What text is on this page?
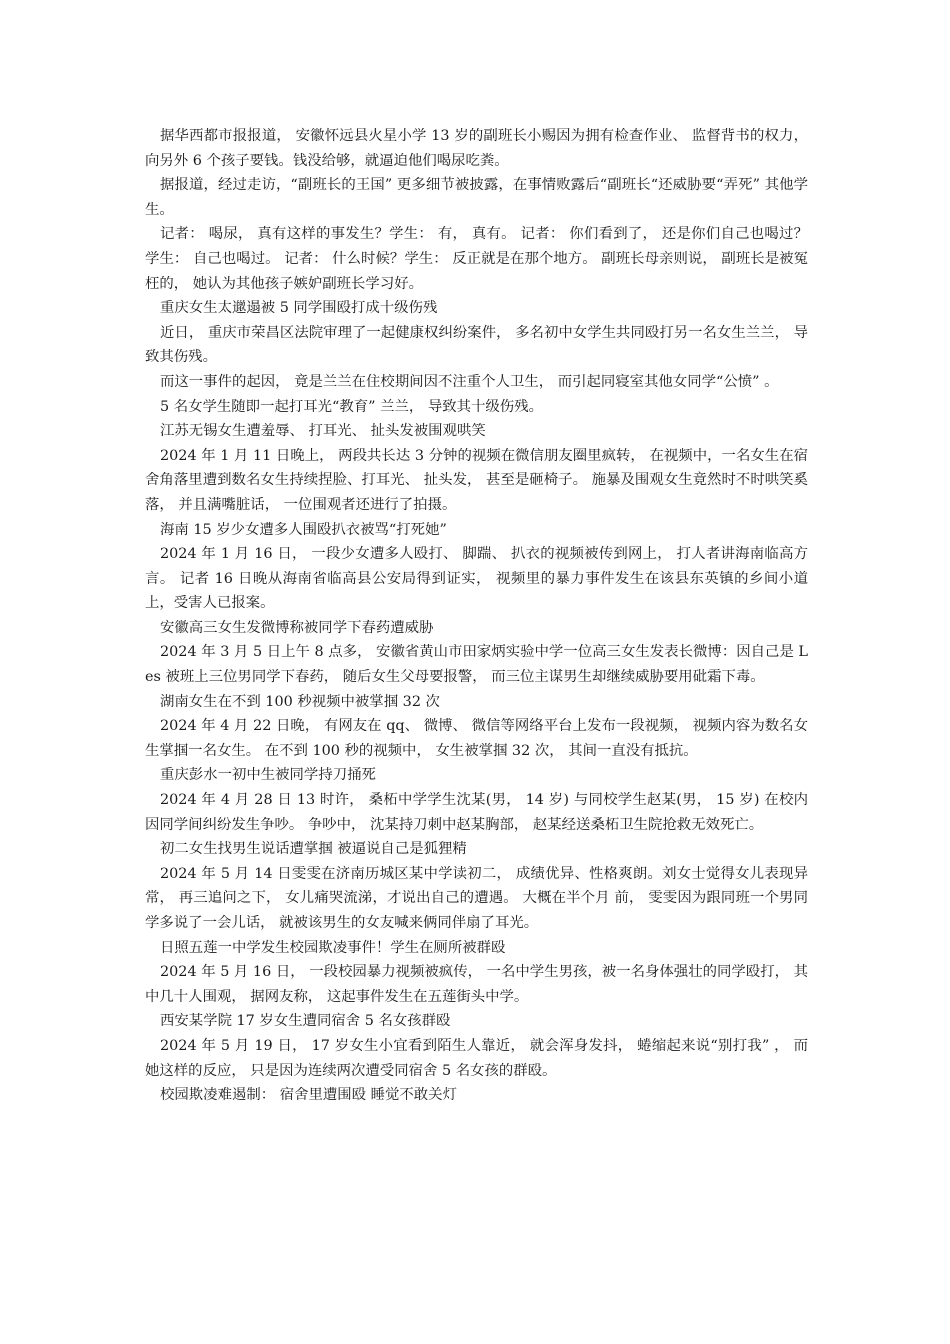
据华西都市报报道， 安徽怀远县火星小学 13 岁的副班长小赐因为拥有检查作业、 监督背书的权力， 向另外 6 个孩子要钱。钱没给够，就逼迫他们喝尿吃粪。

据报道，经过走访，“副班长的王国” 更多细节被披露，在事情败露后“副班长“还威胁要“弄死” 其他学生。

记者： 喝尿， 真有这样的事发生？学生： 有， 真有。 记者： 你们看到了， 还是你们自己也喝过？学生： 自己也喝过。 记者： 什么时候？学生： 反正就是在那个地方。 副班长母亲则说， 副班长是被冤枉的， 她认为其他孩子嫉妒副班长学习好。

重庆女生太邋遢被 5 同学围殴打成十级伤残

近日， 重庆市荣昌区法院审理了一起健康权纠纷案件， 多名初中女学生共同殴打另一名女生兰兰， 导致其伤残。

而这一事件的起因， 竟是兰兰在住校期间因不注重个人卫生， 而引起同寝室其他女同学“公愤” 。

5 名女学生随即一起打耳光“教育” 兰兰， 导致其十级伤残。

江苏无锡女生遭羞辱、 打耳光、 扯头发被围观哄笑

2024 年 1 月 11 日晚上， 两段共长达 3 分钟的视频在微信朋友圈里疯转， 在视频中，一名女生在宿舍角落里遭到数名女生持续捏脸、打耳光、 扯头发， 甚至是砸椅子。 施暴及围观女生竟然时不时哄笑奚落， 并且满嘴脏话， 一位围观者还进行了拍摄。

海南 15 岁少女遭多人围殴扒衣被骂“打死她”

2024 年 1 月 16 日， 一段少女遭多人殴打、 脚踹、 扒衣的视频被传到网上， 打人者讲海南临高方言。 记者 16 日晚从海南省临高县公安局得到证实， 视频里的暴力事件发生在该县东英镇的乡间小道上，受害人已报案。

安徽高三女生发微博称被同学下春药遭威胁

2024 年 3 月 5 日上午 8 点多， 安徽省黄山市田家炳实验中学一位高三女生发表长微博：因自己是 Les 被班上三位男同学下春药， 随后女生父母要报警， 而三位主谋男生却继续威胁要用砒霜下毒。

湖南女生在不到 100 秒视频中被掌掴 32 次

2024 年 4 月 22 日晚， 有网友在 qq、 微博、 微信等网络平台上发布一段视频， 视频内容为数名女生掌掴一名女生。 在不到 100 秒的视频中， 女生被掌掴 32 次， 其间一直没有抵抗。

重庆彭水一初中生被同学持刀捅死

2024 年 4 月 28 日 13 时许， 桑柘中学学生沈某(男， 14 岁) 与同校学生赵某(男， 15 岁) 在校内因同学间纠纷发生争吵。 争吵中， 沈某持刀刺中赵某胸部， 赵某经送桑柘卫生院抢救无效死亡。

初二女生找男生说话遭掌掴 被逼说自己是狐狸精

2024 年 5 月 14 日雯雯在济南历城区某中学读初二， 成绩优异、性格爽朗。刘女士觉得女儿表现异常， 再三追问之下， 女儿痛哭流涕，才说出自己的遭遇。 大概在半个月 前， 雯雯因为跟同班一个男同学多说了一会儿话， 就被该男生的女友喊来俩同伴扇了耳光。

日照五莲一中学发生校园欺凌事件！学生在厕所被群殴

2024 年 5 月 16 日， 一段校园暴力视频被疯传， 一名中学生男孩，被一名身体强壮的同学殴打， 其中几十人围观， 据网友称， 这起事件发生在五莲街头中学。

西安某学院 17 岁女生遭同宿舍 5 名女孩群殴

2024 年 5 月 19 日， 17 岁女生小宜看到陌生人靠近， 就会浑身发抖， 蜷缩起来说“别打我” ， 而她这样的反应， 只是因为连续两次遭受同宿舍 5 名女孩的群殴。

校园欺凌难遏制： 宿舍里遭围殴 睡觉不敢关灯
